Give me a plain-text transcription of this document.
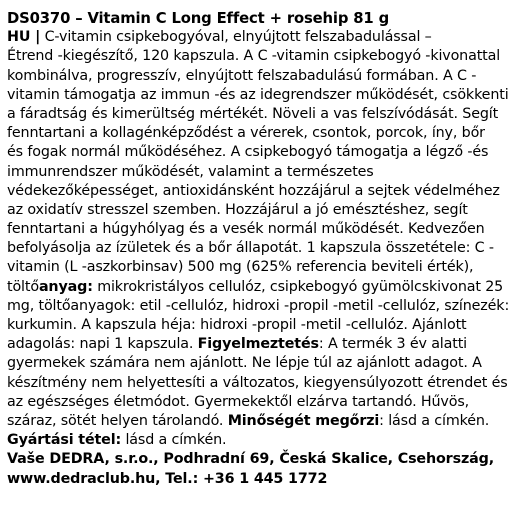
DS0370 – Vitamin C Long Effect + rosehip 81 g
HU | C-vitamin csipkebogyóval, elnyújtott felszabadulással –
Étrend -kiegészítő, 120 kapszula. A C -vitamin csipkebogyó -kivonattal
kombinálva, progresszív, elnyújtott felszabadulású formában. A C -
vitamin támogatja az immun -és az idegrendszer működését, csökkenti
a fáradtság és kimerültség mértékét. Növeli a vas felszívódását. Segít
fenntartani a kollagénképződést a vérerek, csontok, porcok, íny, bőr
és fogak normál működéséhez. A csipkebogyó támogatja a légző -és
immunrendszer működését, valamint a természetes
védekezőképességet, antioxidánsként hozzájárul a sejtek védelméhez
az oxidatív stresszel szemben. Hozzájárul a jó emésztéshez, segít
fenntartani a húgyhólyag és a vesék normál működését. Kedvezően
befolyásolja az ízületek és a bőr állapotát. 1 kapszula összetétele: C -
vitamin (L -aszkorbinsav) 500 mg (625% referencia beviteli érték),
töltőanyag: mikrokristályos cellulóz, csipkebogyó gyümölcskivonat 25
mg, töltőanyagok: etil -cellulóz, hidroxi -propil -metil -cellulóz, színezék:
kurkumin. A kapszula héja: hidroxi -propil -metil -cellulóz. Ajánlott
adagolás: napi 1 kapszula. Figyelmeztetés: A termék 3 év alatti
gyermekek számára nem ajánlott. Ne lépje túl az ajánlott adagot. A
készítmény nem helyettesíti a változatos, kiegyensúlyozott étrendet és
az egészséges életmódot. Gyermekektől elzárva tartandó. Hűvös,
száraz, sötét helyen tárolandó. Minőségét megőrzi: lásd a címkén.
Gyártási tétel: lásd a címkén.
Vaše DEDRA, s.r.o., Podhradní 69, Česká Skalice, Csehország,
www.dedraclub.hu, Tel.: +36 1 445 1772
